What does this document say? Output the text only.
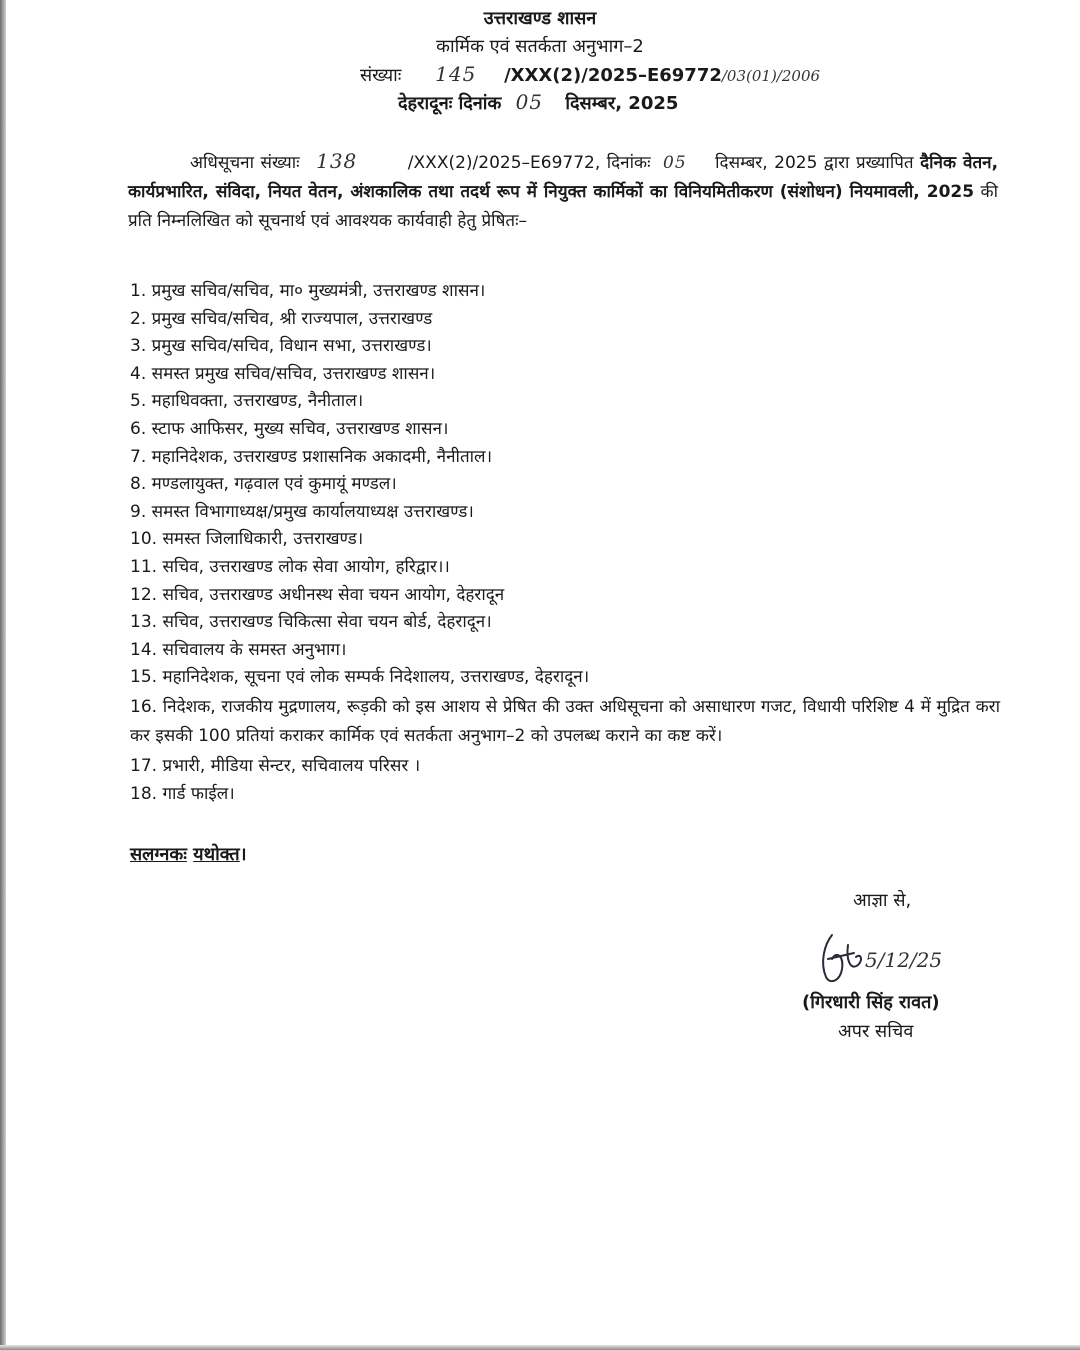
उत्तराखण्ड शासन
कार्मिक एवं सतर्कता अनुभाग–2
संख्याः 145 /XXX(2)/2025–E69772/03(01)/2006
देहरादूनः दिनांक 05 दिसम्बर, 2025
अधिसूचना संख्याः 138	/XXX(2)/2025–E69772, दिनांकः 05 दिसम्बर, 2025 द्वारा प्रख्यापित दैनिक वेतन, कार्यप्रभारित, संविदा, नियत वेतन, अंशकालिक तथा तदर्थ रूप में नियुक्त कार्मिकों का विनियमितीकरण (संशोधन) नियमावली, 2025 की प्रति निम्नलिखित को सूचनार्थ एवं आवश्यक कार्यवाही हेतु प्रेषितः–
1. प्रमुख सचिव/सचिव, मा० मुख्यमंत्री, उत्तराखण्ड शासन।
2. प्रमुख सचिव/सचिव, श्री राज्यपाल, उत्तराखण्ड
3. प्रमुख सचिव/सचिव, विधान सभा, उत्तराखण्ड।
4. समस्त प्रमुख सचिव/सचिव, उत्तराखण्ड शासन।
5. महाधिवक्ता, उत्तराखण्ड, नैनीताल।
6. स्टाफ आफिसर, मुख्य सचिव, उत्तराखण्ड शासन।
7. महानिदेशक, उत्तराखण्ड प्रशासनिक अकादमी, नैनीताल।
8. मण्डलायुक्त, गढ़वाल एवं कुमायूं मण्डल।
9. समस्त विभागाध्यक्ष/प्रमुख कार्यालयाध्यक्ष उत्तराखण्ड।
10. समस्त जिलाधिकारी, उत्तराखण्ड।
11. सचिव, उत्तराखण्ड लोक सेवा आयोग, हरिद्वार।।
12. सचिव, उत्तराखण्ड अधीनस्थ सेवा चयन आयोग, देहरादून
13. सचिव, उत्तराखण्ड चिकित्सा सेवा चयन बोर्ड, देहरादून।
14. सचिवालय के समस्त अनुभाग।
15. महानिदेशक, सूचना एवं लोक सम्पर्क निदेशालय, उत्तराखण्ड, देहरादून।
16. निदेशक, राजकीय मुद्रणालय, रूड़की को इस आशय से प्रेषित की उक्त अधिसूचना को असाधारण गजट, विधायी परिशिष्ट 4 में मुद्रित करा कर इसकी 100 प्रतियां कराकर कार्मिक एवं सतर्कता अनुभाग–2 को उपलब्ध कराने का कष्ट करें।
17. प्रभारी, मीडिया सेन्टर, सचिवालय परिसर ।
18. गार्ड फाईल।
सलग्नकः यथोक्त।
आज्ञा से,
5/12/25
(गिरधारी सिंह रावत)
अपर सचिव
